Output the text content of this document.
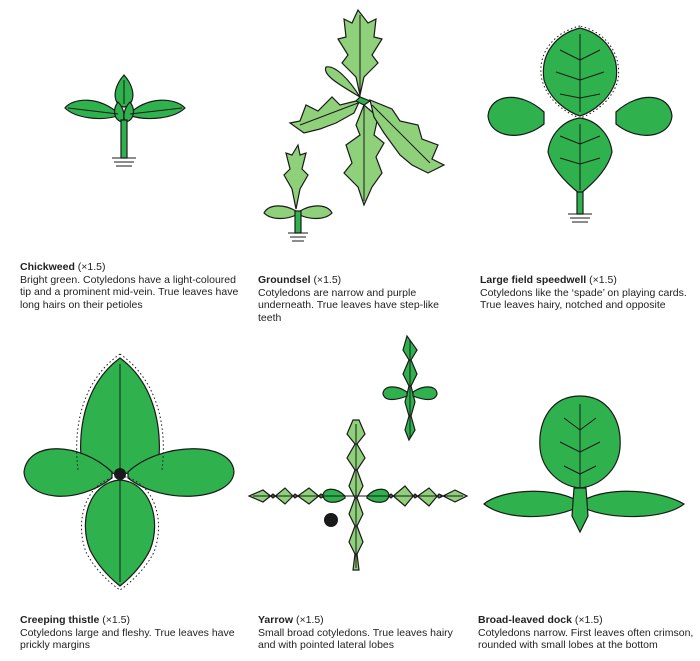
Chickweed (×1.5)
Bright green. Cotyledons have a light-coloured tip and a prominent mid-vein. True leaves have long hairs on their petioles
Groundsel (×1.5)
Cotyledons are narrow and purple underneath. True leaves have step-like teeth
Large field speedwell (×1.5)
Cotyledons like the ‘spade’ on playing cards. True leaves hairy, notched and opposite
Creeping thistle (×1.5)
Cotyledons large and fleshy. True leaves have prickly margins
Yarrow (×1.5)
Small broad cotyledons. True leaves hairy and with pointed lateral lobes
Broad-leaved dock (×1.5)
Cotyledons narrow. First leaves often crimson, rounded with small lobes at the bottom
